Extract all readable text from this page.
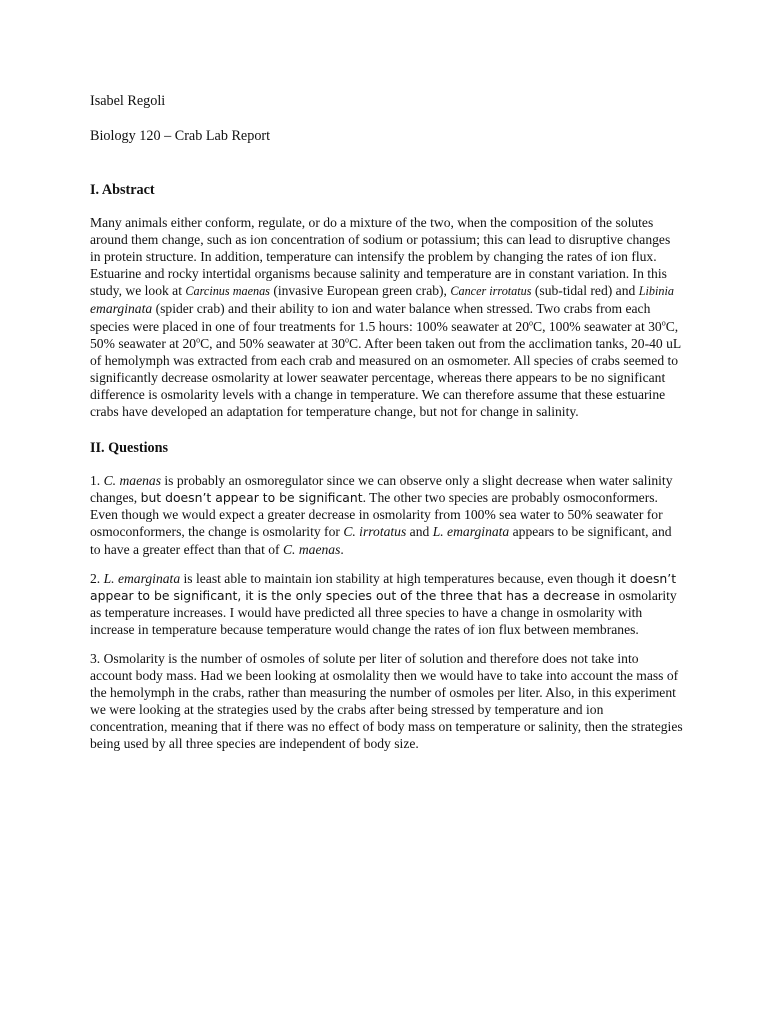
Isabel Regoli
Biology 120 – Crab Lab Report
I. Abstract

Many animals either conform, regulate, or do a mixture of the two, when the composition of the solutes around them change, such as ion concentration of sodium or potassium; this can lead to disruptive changes in protein structure. In addition, temperature can intensify the problem by changing the rates of ion flux. Estuarine and rocky intertidal organisms because salinity and temperature are in constant variation. In this study, we look at Carcinus maenas (invasive European green crab), Cancer irrotatus (sub-tidal red) and Libinia emarginata (spider crab) and their ability to ion and water balance when stressed. Two crabs from each species were placed in one of four treatments for 1.5 hours: 100% seawater at 20$^o$C, 100% seawater at 30$^o$C, 50% seawater at 20$^o$C, and 50% seawater at 30$^o$C. After been taken out from the acclimation tanks, 20-40 uL of hemolymph was extracted from each crab and measured on an osmometer. All species of crabs seemed to significantly decrease osmolarity at lower seawater percentage, whereas there appears to be no significant difference is osmolarity levels with a change in temperature. We can therefore assume that these estuarine crabs have developed an adaptation for temperature change, but not for change in salinity.

II. Questions

1. C. maenas is probably an osmoregulator since we can observe only a slight decrease when water salinity changes, but doesn’t appear to be significant. The other two species are probably osmoconformers. Even though we would expect a greater decrease in osmolarity from 100% sea water to 50% seawater for osmoconformers, the change is osmolarity for C. irrotatus and L. emarginata appears to be significant, and to have a greater effect than that of C. maenas.

2. L. emarginata is least able to maintain ion stability at high temperatures because, even though it doesn’t appear to be significant, it is the only species out of the three that has a decrease in osmolarity as temperature increases. I would have predicted all three species to have a change in osmolarity with increase in temperature because temperature would change the rates of ion flux between membranes.

3. Osmolarity is the number of osmoles of solute per liter of solution and therefore does not take into account body mass. Had we been looking at osmolality then we would have to take into account the mass of the hemolymph in the crabs, rather than measuring the number of osmoles per liter. Also, in this experiment we were looking at the strategies used by the crabs after being stressed by temperature and ion concentration, meaning that if there was no effect of body mass on temperature or salinity, then the strategies being used by all three species are independent of body size.
